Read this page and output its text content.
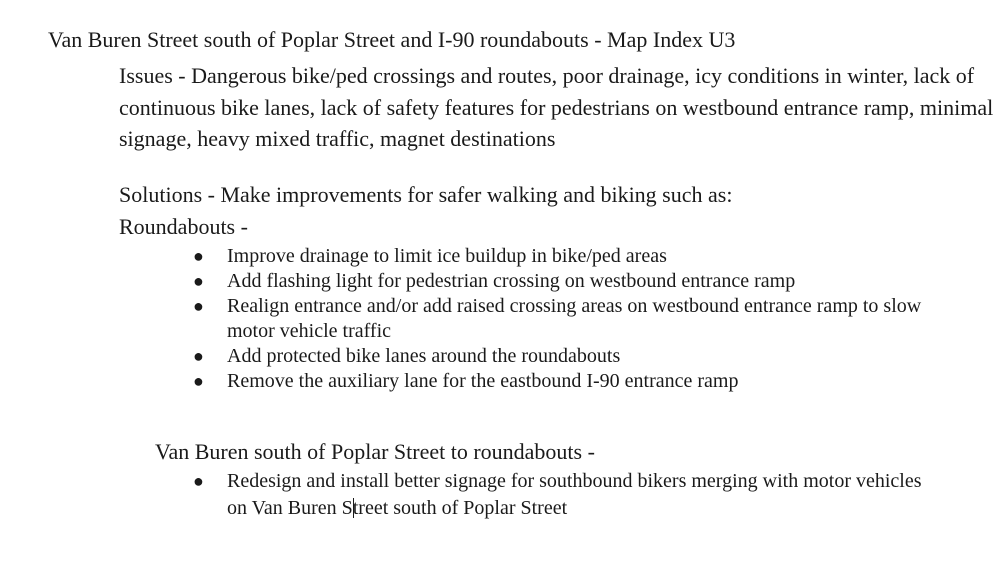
Van Buren Street south of Poplar Street and I-90 roundabouts - Map Index U3
Issues - Dangerous bike/ped crossings and routes, poor drainage, icy conditions in winter, lack of continuous bike lanes, lack of safety features for pedestrians on westbound entrance ramp, minimal signage, heavy mixed traffic, magnet destinations
Solutions - Make improvements for safer walking and biking such as:
Roundabouts -
● Improve drainage to limit ice buildup in bike/ped areas
● Add flashing light for pedestrian crossing on westbound entrance ramp
● Realign entrance and/or add raised crossing areas on westbound entrance ramp to slow motor vehicle traffic
● Add protected bike lanes around the roundabouts
● Remove the auxiliary lane for the eastbound I-90 entrance ramp
Van Buren south of Poplar Street to roundabouts -
● Redesign and install better signage for southbound bikers merging with motor vehicles on Van Buren Street south of Poplar Street
